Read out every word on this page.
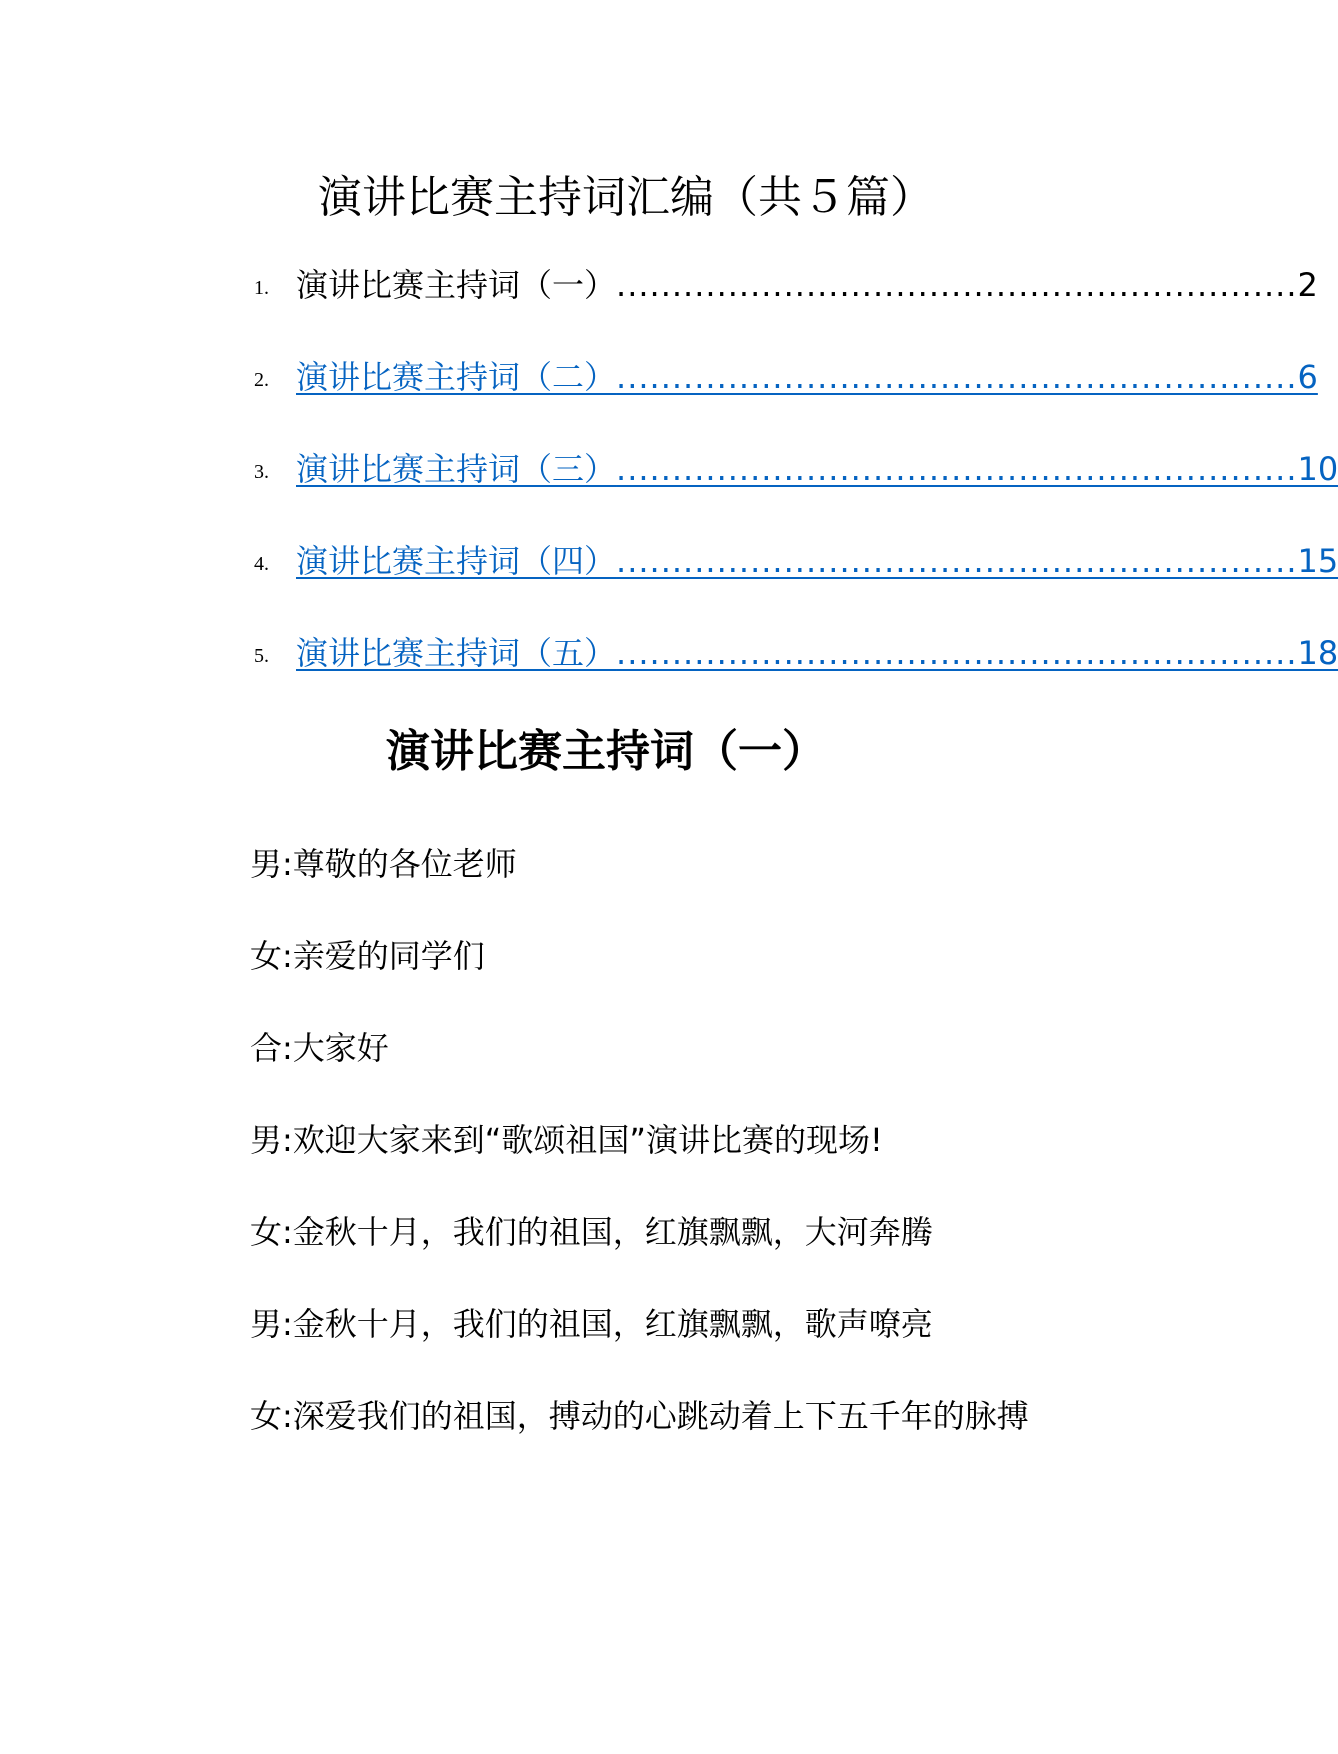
演讲比赛主持词汇编（共５篇）
1. 演讲比赛主持词（一） ............................................................. 2
2. 演讲比赛主持词（二） ............................................................. 6
3. 演讲比赛主持词（三） ............................................................. 10
4. 演讲比赛主持词（四） ............................................................. 15
5. 演讲比赛主持词（五） ............................................................. 18
演讲比赛主持词（一）

男:尊敬的各位老师

女:亲爱的同学们

合:大家好

男:欢迎大家来到“歌颂祖国”演讲比赛的现场!

女:金秋十月，我们的祖国，红旗飘飘，大河奔腾

男:金秋十月，我们的祖国，红旗飘飘，歌声嘹亮

女:深爱我们的祖国，搏动的心跳动着上下五千年的脉搏
